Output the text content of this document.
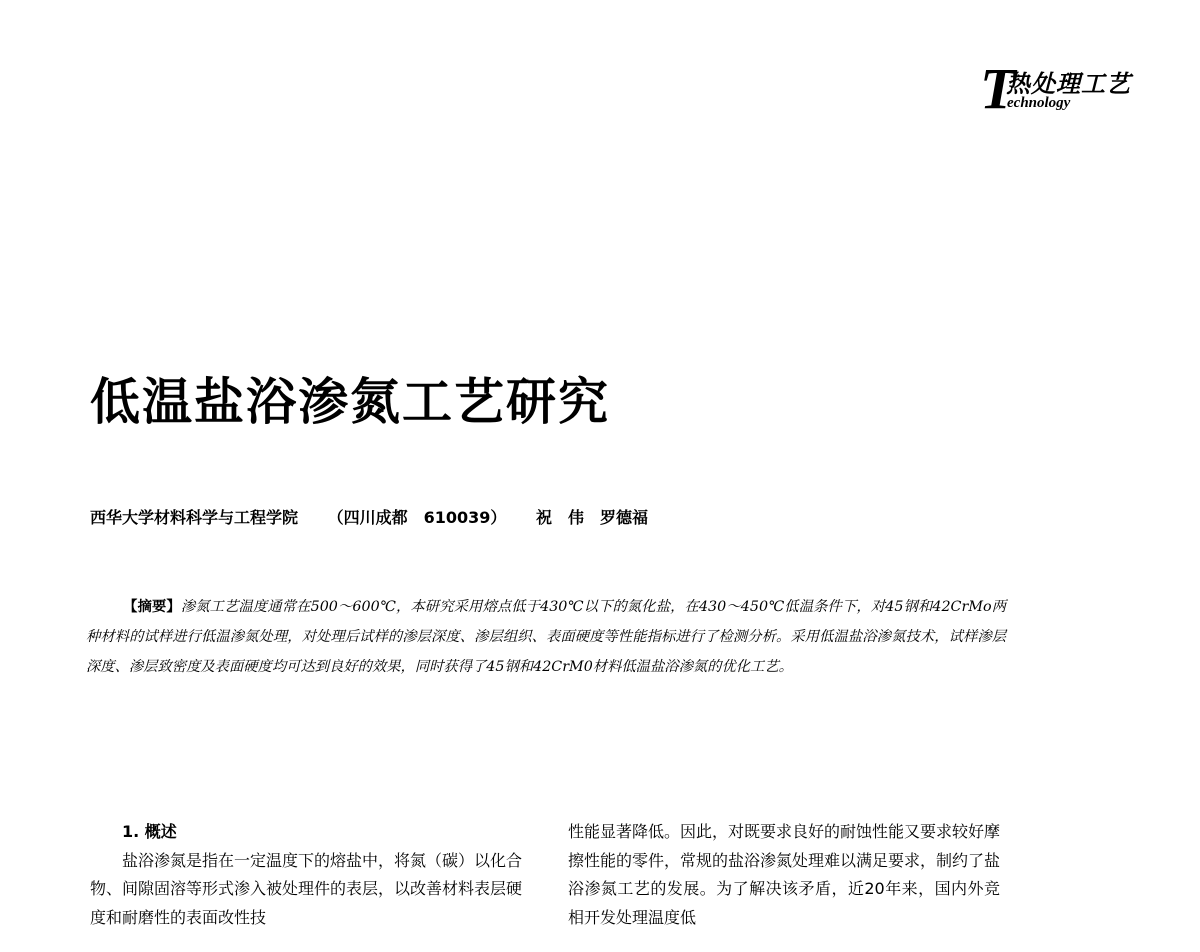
T
热处理工艺
echnology
低温盐浴渗氮工艺研究
西华大学材料科学与工程学院 （四川成都　610039） 祝　伟　罗德福

【摘要】渗氮工艺温度通常在500～600℃，本研究采用熔点低于430℃以下的氮化盐，在430～450℃低温条件下，对45钢和42CrMo两种材料的试样进行低温渗氮处理，对处理后试样的渗层深度、渗层组织、表面硬度等性能指标进行了检测分析。采用低温盐浴渗氮技术，试样渗层深度、渗层致密度及表面硬度均可达到良好的效果，同时获得了45钢和42CrM0材料低温盐浴渗氮的优化工艺。

1. 概述

盐浴渗氮是指在一定温度下的熔盐中，将氮（碳）以化合物、间隙固溶等形式渗入被处理件的表层，以改善材料表层硬度和耐磨性的表面改性技

性能显著降低。因此，对既要求良好的耐蚀性能又要求较好摩擦性能的零件，常规的盐浴渗氮处理难以满足要求，制约了盐浴渗氮工艺的发展。为了解决该矛盾，近20年来，国内外竞相开发处理温度低
